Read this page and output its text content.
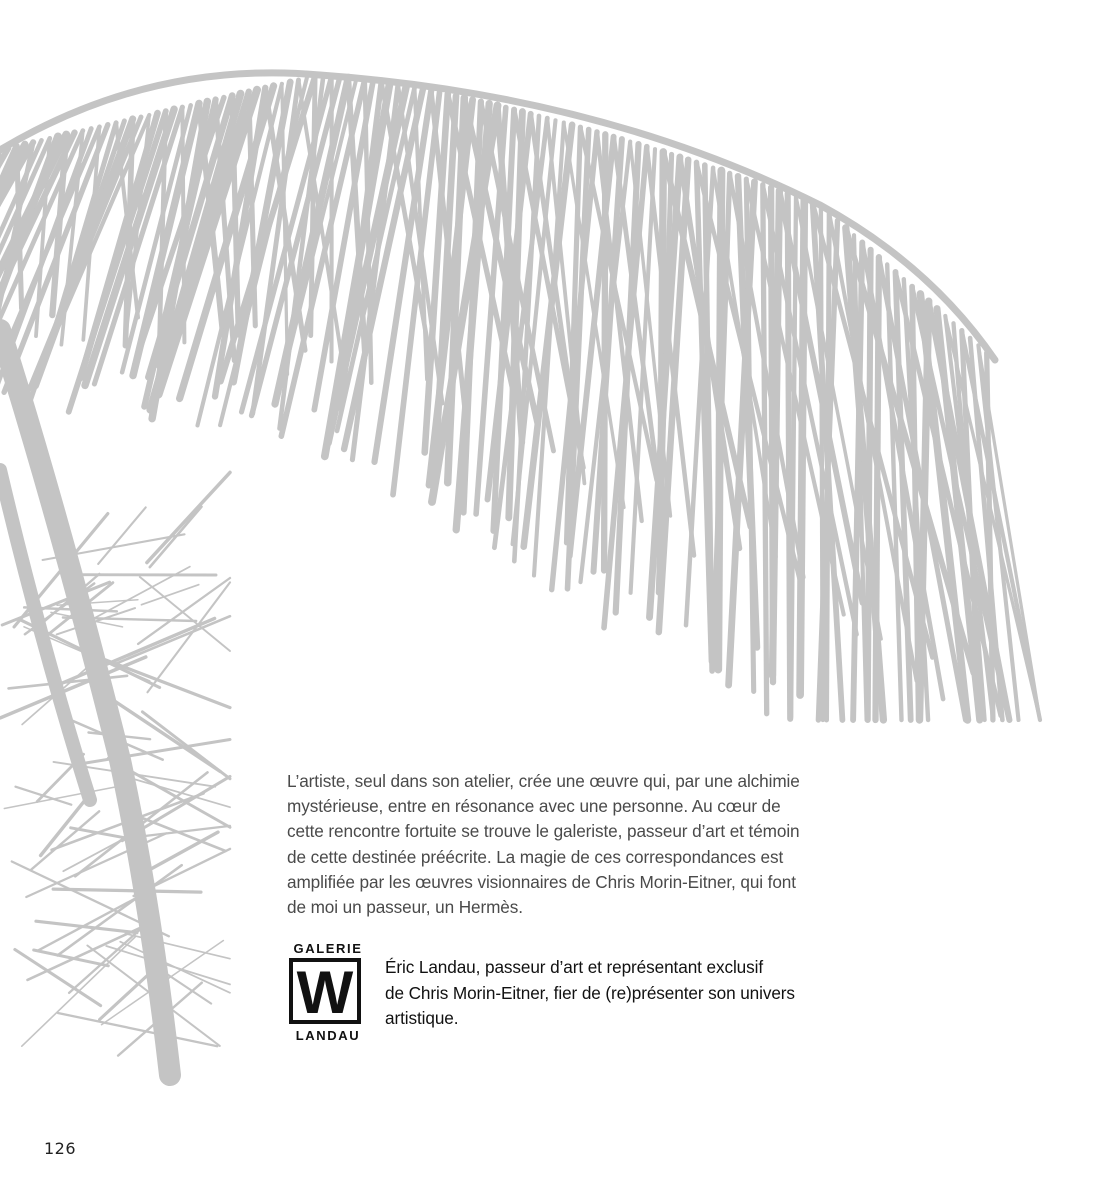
L’artiste, seul dans son atelier, crée une œuvre qui, par une alchimie
mystérieuse, entre en résonance avec une personne. Au cœur de
cette rencontre fortuite se trouve le galeriste, passeur d’art et témoin
de cette destinée préécrite. La magie de ces correspondances est
amplifiée par les œuvres visionnaires de Chris Morin-Eitner, qui font
de moi un passeur, un Hermès.
GALERIE
W
LANDAU
Éric Landau, passeur d’art et représentant exclusif
de Chris Morin-Eitner, fier de (re)présenter son univers
artistique.
126
